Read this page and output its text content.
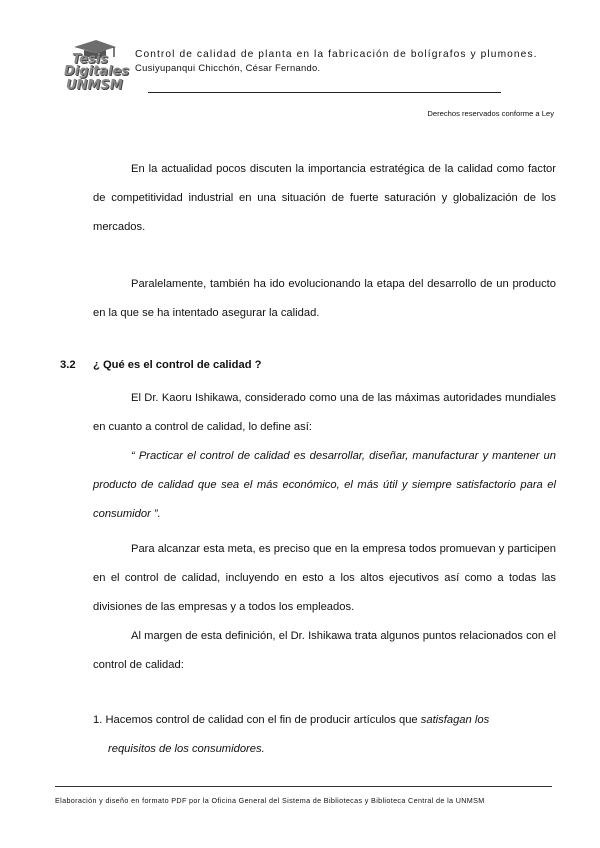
Tesis
Digitales
UNMSM
Control de calidad de planta en la fabricación de bolígrafos y plumones.
Cusiyupanqui Chicchón, César Fernando.
Derechos reservados conforme a Ley

En la actualidad pocos discuten la importancia estratégica de la calidad como factor de competitividad industrial en una situación de fuerte saturación y globalización de los mercados.

Paralelamente, también ha ido evolucionando la etapa del desarrollo de un producto en la que se ha intentado asegurar la calidad.

3.2 ¿ Qué es el control de calidad ?

El Dr. Kaoru Ishikawa, considerado como una de las máximas autoridades mundiales en cuanto a control de calidad, lo define así:

“ Practicar el control de calidad es desarrollar, diseñar, manufacturar y mantener un producto de calidad que sea el más económico, el más útil y siempre satisfactorio para el consumidor ”.

Para alcanzar esta meta, es preciso que en la empresa todos promuevan y participen en el control de calidad, incluyendo en esto a los altos ejecutivos así como a todas las divisiones de las empresas y a todos los empleados.

Al margen de esta definición, el Dr. Ishikawa trata algunos puntos relacionados con el control de calidad:

1. Hacemos control de calidad con el fin de producir artículos que satisfagan los
requisitos de los consumidores.
Elaboración y diseño en formato PDF por la Oficina General del Sistema de Bibliotecas y Biblioteca Central de la UNMSM
